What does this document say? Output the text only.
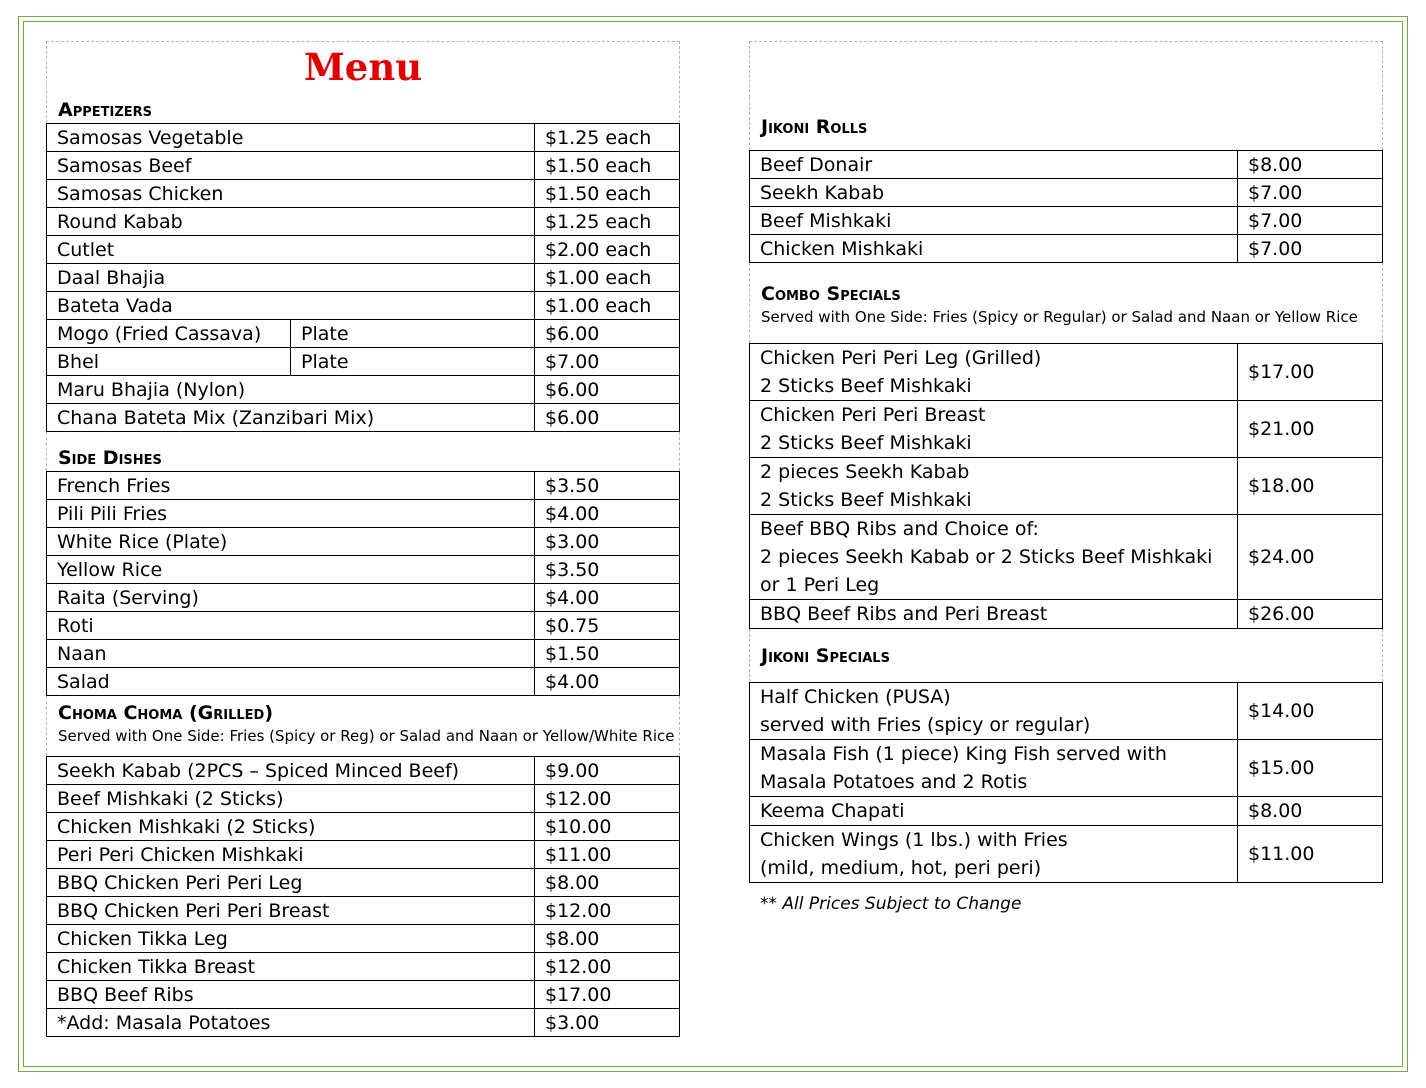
Menu
Appetizers
Samosas Vegetable		$1.25 each
Samosas Beef		$1.50 each
Samosas Chicken		$1.50 each
Round Kabab		$1.25 each
Cutlet		$2.00 each
Daal Bhajia		$1.00 each
Bateta Vada		$1.00 each
Mogo (Fried Cassava)	Plate	$6.00
Bhel	Plate	$7.00
Maru Bhajia (Nylon)		$6.00
Chana Bateta Mix (Zanzibari Mix)		$6.00
Side Dishes
French Fries	$3.50
Pili Pili Fries	$4.00
White Rice (Plate)	$3.00
Yellow Rice	$3.50
Raita (Serving)	$4.00
Roti	$0.75
Naan	$1.50
Salad	$4.00
Choma Choma (Grilled)
Served with One Side: Fries (Spicy or Reg) or Salad and Naan or Yellow/White Rice
Seekh Kabab (2PCS – Spiced Minced Beef)	$9.00
Beef Mishkaki (2 Sticks)	$12.00
Chicken Mishkaki (2 Sticks)	$10.00
Peri Peri Chicken Mishkaki	$11.00
BBQ Chicken Peri Peri Leg	$8.00
BBQ Chicken Peri Peri Breast	$12.00
Chicken Tikka Leg	$8.00
Chicken Tikka Breast	$12.00
BBQ Beef Ribs	$17.00
*Add: Masala Potatoes	$3.00
Jikoni Rolls
Beef Donair	$8.00
Seekh Kabab	$7.00
Beef Mishkaki	$7.00
Chicken Mishkaki	$7.00
Combo Specials
Served with One Side: Fries (Spicy or Regular) or Salad and Naan or Yellow Rice
Chicken Peri Peri Leg (Grilled)
2 Sticks Beef Mishkaki	$17.00

Chicken Peri Peri Breast
2 Sticks Beef Mishkaki	$21.00

2 pieces Seekh Kabab
2 Sticks Beef Mishkaki	$18.00

Beef BBQ Ribs and Choice of:
2 pieces Seekh Kabab or 2 Sticks Beef Mishkaki
or 1 Peri Leg	$24.00

BBQ Beef Ribs and Peri Breast	$26.00
Jikoni Specials
Half Chicken (PUSA)
served with Fries (spicy or regular)	$14.00

Masala Fish (1 piece) King Fish served with
Masala Potatoes and 2 Rotis	$15.00

Keema Chapati	$8.00

Chicken Wings (1 lbs.) with Fries
(mild, medium, hot, peri peri)	$11.00
** All Prices Subject to Change
